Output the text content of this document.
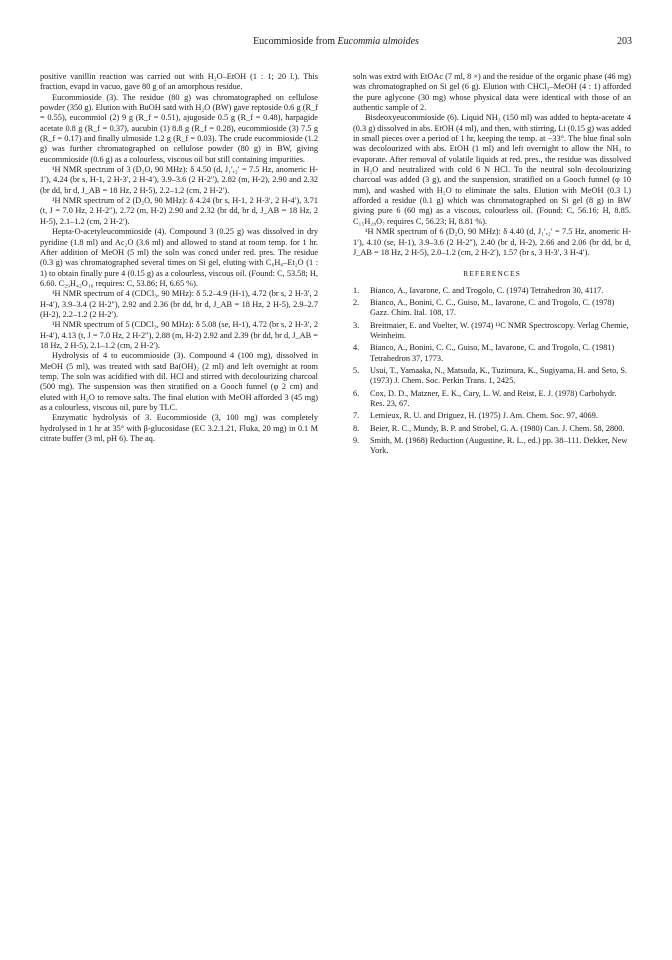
Eucommioside from Eucommia ulmoides	203

positive vanillin reaction was carried out with H₂O–EtOH (1 : 1; 20 l.). This fraction, evapd in vacuo, gave 80 g of an amorphous residue.

Eucommioside (3). The residue (80 g) was chromatographed on cellulose powder (350 g). Elution with BuOH satd with H₂O (BW) gave reptoside 0.6 g (R_f = 0.55), eucommiol (2) 9 g (R_f = 0.51), ajugoside 0.5 g (R_f = 0.48), harpagide acetate 0.8 g (R_f = 0.37), aucubin (1) 8.8 g (R_f = 0.28), eucommioside (3) 7.5 g (R_f = 0.17) and finally ulmoside 1.2 g (R_f = 0.03). The crude eucommioside (1.2 g) was further chromatographed on cellulose powder (80 g) in BW, giving eucommioside (0.6 g) as a colourless, viscous oil but still containing impurities.

¹H NMR spectrum of 3 (D₂O, 90 MHz): δ 4.50 (d, J₁′,₂′ = 7.5 Hz, anomeric H-1′), 4.24 (br s, H-1, 2 H-3′, 2 H-4′), 3.9–3.6 (2 H-2″), 2.82 (m, H-2), 2.90 and 2.32 (br dd, br d, J_AB = 18 Hz, 2 H-5), 2.2–1.2 (cm, 2 H-2′).

¹H NMR spectrum of 2 (D₂O, 90 MHz): δ 4.24 (br s, H-1, 2 H-3′, 2 H-4′), 3.71 (t, J = 7.0 Hz, 2 H-2″), 2.72 (m, H-2) 2.90 and 2.32 (br dd, br d, J_AB = 18 Hz, 2 H-5), 2.1–1.2 (cm, 2 H-2′).

Hepta-O-acetyleucommioside (4). Compound 3 (0.25 g) was dissolved in dry pyridine (1.8 ml) and Ac₂O (3.6 ml) and allowed to stand at room temp. for 1 hr. After addition of MeOH (5 ml) the soln was concd under red. pres. The residue (0.3 g) was chromatographed several times on Si gel, eluting with C₆H₆–Et₂O (1 : 1) to obtain finally pure 4 (0.15 g) as a colourless, viscous oil. (Found: C, 53.58; H, 6.60. C₂₉H₄₂O₁₆ requires: C, 53.86; H, 6.65 %).

¹H NMR spectrum of 4 (CDCl₃, 90 MHz): δ 5.2–4.9 (H-1), 4.72 (br s, 2 H-3′, 2 H-4′), 3.9–3.4 (2 H-2″), 2.92 and 2.36 (br dd, br d, J_AB = 18 Hz, 2 H-5), 2.9–2.7 (H-2), 2.2–1.2 (2 H-2′).

¹H NMR spectrum of 5 (CDCl₃, 90 MHz): δ 5.08 (se, H-1), 4.72 (br s, 2 H-3′, 2 H-4′), 4.13 (t, J = 7.0 Hz, 2 H-2″), 2.88 (m, H-2) 2.92 and 2.39 (br dd, br d, J_AB = 18 Hz, 2 H-5), 2.1–1.2 (cm, 2 H-2′).

Hydrolysis of 4 to eucommioside (3). Compound 4 (100 mg), dissolved in MeOH (5 ml), was treated with satd Ba(OH)₂ (2 ml) and left overnight at room temp. The soln was acidified with dil. HCl and stirred with decolourizing charcoal (500 mg). The suspension was then stratified on a Gooch funnel (φ 2 cm) and eluted with H₂O to remove salts. The final elution with MeOH afforded 3 (45 mg) as a colourless, viscous oil, pure by TLC.

Enzymatic hydrolysis of 3. Eucommioside (3, 100 mg) was completely hydrolysed in 1 hr at 35° with β-glucosidase (EC 3.2.1.21, Fluka, 20 mg) in 0.1 M citrate buffer (3 ml, pH 6). The aq.

soln was extrd with EtOAc (7 ml, 8 ×) and the residue of the organic phase (46 mg) was chromatographed on Si gel (6 g). Elution with CHCl₃–MeOH (4 : 1) afforded the pure aglycone (30 mg) whose physical data were identical with those of an authentic sample of 2.

Bisdeoxyeucommioside (6). Liquid NH₃ (150 ml) was added to hepta-acetate 4 (0.3 g) dissolved in abs. EtOH (4 ml), and then, with stirring, Li (0.15 g) was added in small pieces over a period of 1 hr, keeping the temp. at −33°. The blue final soln was decolourized with abs. EtOH (1 ml) and left overnight to allow the NH₃ to evaporate. After removal of volatile liquids at red. pres., the residue was dissolved in H₂O and neutralized with cold 6 N HCl. To the neutral soln decolourizing charcoal was added (3 g), and the suspension, stratified on a Gooch funnel (φ 10 mm), and washed with H₂O to eliminate the salts. Elution with MeOH (0.3 l.) afforded a residue (0.1 g) which was chromatographed on Si gel (8 g) in BW giving pure 6 (60 mg) as a viscous, colourless oil. (Found: C, 56.16; H, 8.85. C₁₅H₂₈O₇ requires C, 56.23; H, 8.81 %).

¹H NMR spectrum of 6 (D₂O, 90 MHz): δ 4.40 (d, J₁′,₂′ = 7.5 Hz, anomeric H-1′), 4.10 (se, H-1), 3.9–3.6 (2 H-2″), 2.40 (br d, H-2), 2.66 and 2.06 (br dd, br d, J_AB = 18 Hz, 2 H-5), 2.0–1.2 (cm, 2 H-2′), 1.57 (br s, 3 H-3′, 3 H-4′).

REFERENCES
1. Bianco, A., Iavarone, C. and Trogolo, C. (1974) Tetrahedron 30, 4117.
2. Bianco, A., Bonini, C. C., Guiso, M., Iavarone, C. and Trogolo, C. (1978) Gazz. Chim. Ital. 108, 17.
3. Breitmaier, E. and Voelter, W. (1974) ¹³C NMR Spectroscopy. Verlag Chemie, Weinheim.
4. Bianco, A., Bonini, C. C., Guiso, M., Iavarone, C. and Trogolo, C. (1981) Tetrahedron 37, 1773.
5. Usui, T., Yamaaka, N., Matsuda, K., Tuzimura, K., Sugiyama, H. and Seto, S. (1973) J. Chem. Soc. Perkin Trans. 1, 2425.
6. Cox, D. D., Matzner, E. K., Cary, L. W. and Reist, E. J. (1978) Carbohydr. Res. 23, 67.
7. Lemieux, R. U. and Driguez, H. (1975) J. Am. Chem. Soc. 97, 4069.
8. Beier, R. C., Mundy, B. P. and Strobel, G. A. (1980) Can. J. Chem. 58, 2800.
9. Smith, M. (1968) Reduction (Augustine, R. L., ed.) pp. 38–111. Dekker, New York.
